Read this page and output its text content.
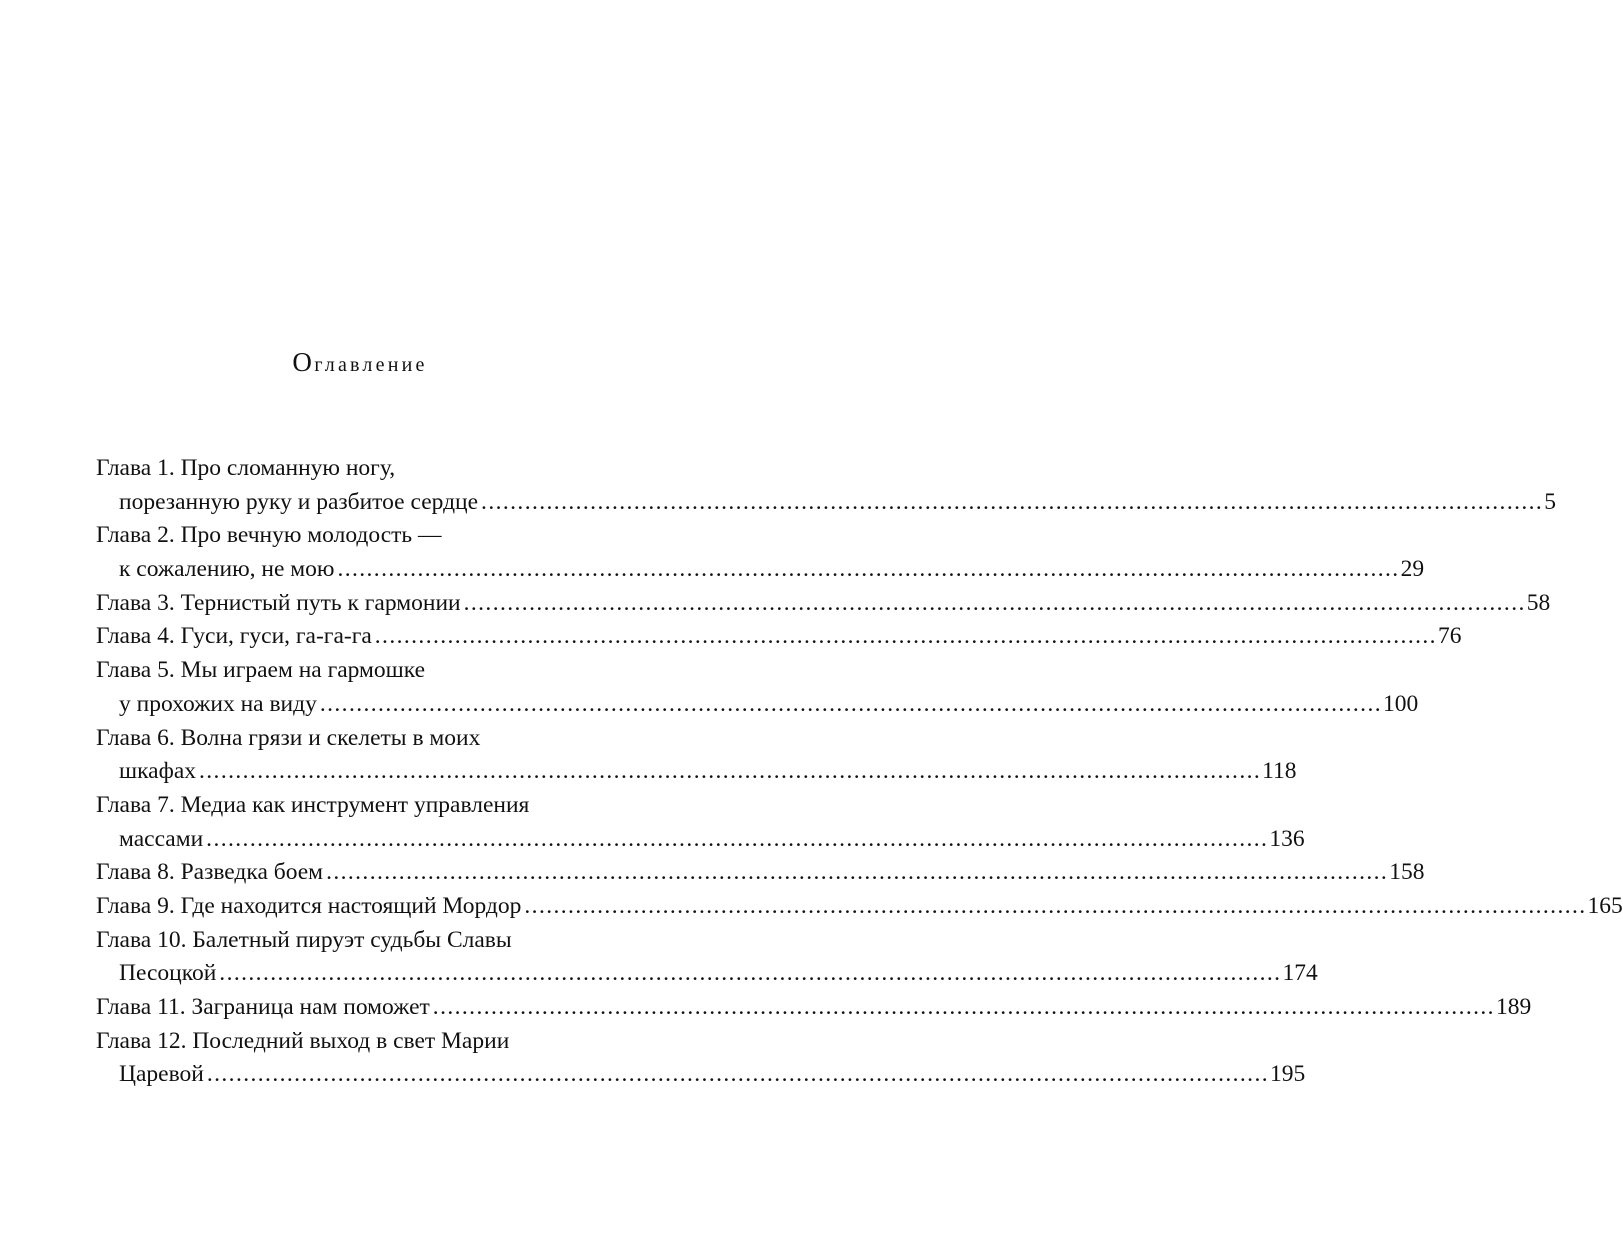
Оглавление
Глава 1. Про сломанную ногу,
порезанную руку и разбитое сердце .................................................................................................................................................. 5
Глава 2. Про вечную молодость —
к сожалению, не мою .................................................................................................................................................. 29
Глава 3. Тернистый путь к гармонии .................................................................................................................................................. 58
Глава 4. Гуси, гуси, га-га-га .................................................................................................................................................. 76
Глава 5. Мы играем на гармошке
у прохожих на виду .................................................................................................................................................. 100
Глава 6. Волна грязи и скелеты в моих
шкафах .................................................................................................................................................. 118
Глава 7. Медиа как инструмент управления
массами .................................................................................................................................................. 136
Глава 8. Разведка боем .................................................................................................................................................. 158
Глава 9. Где находится настоящий Мордор .................................................................................................................................................. 165
Глава 10. Балетный пируэт судьбы Славы
Песоцкой .................................................................................................................................................. 174
Глава 11. Заграница нам поможет .................................................................................................................................................. 189
Глава 12. Последний выход в свет Марии
Царевой .................................................................................................................................................. 195
